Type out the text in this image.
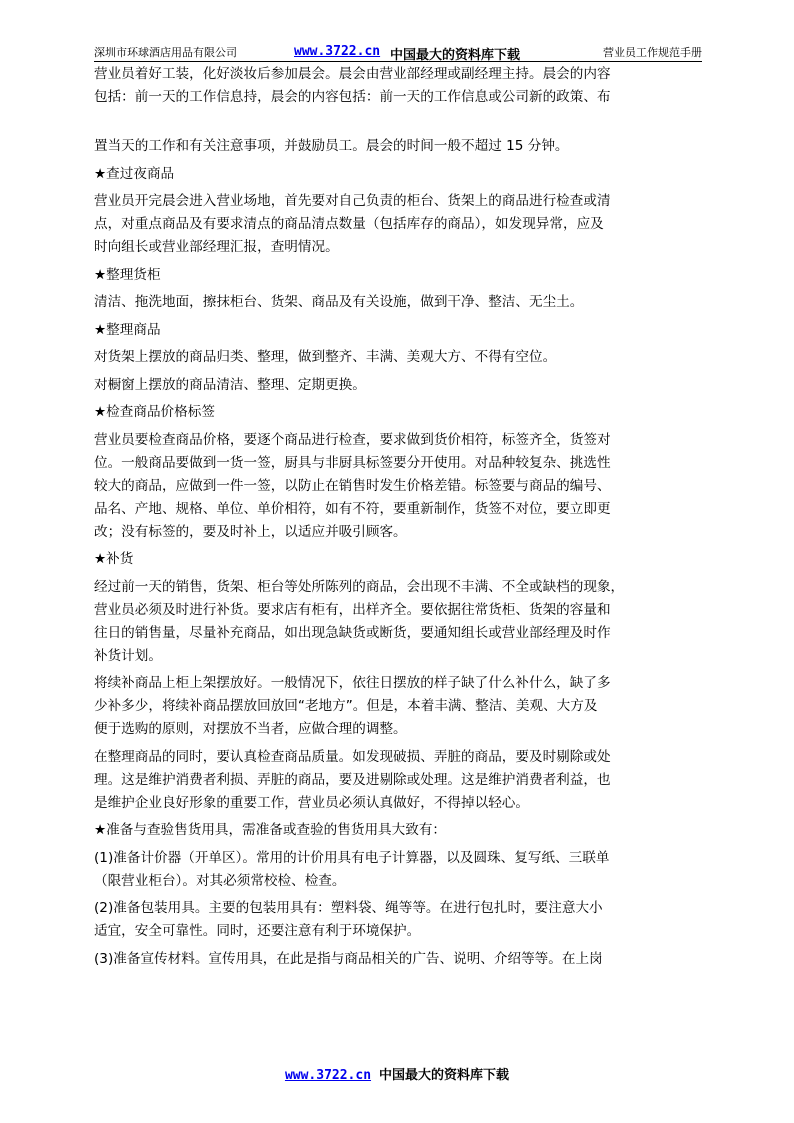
深圳市环球酒店用品有限公司	www.3722.cn 中国最大的资料库下载	营业员工作规范手册

营业员着好工装，化好淡妆后参加晨会。晨会由营业部经理或副经理主持。晨会的内容

包括：前一天的工作信息持，晨会的内容包括：前一天的工作信息或公司新的政策、布

置当天的工作和有关注意事项，并鼓励员工。晨会的时间一般不超过 15 分钟。

★查过夜商品

营业员开完晨会进入营业场地，首先要对自己负责的柜台、货架上的商品进行检查或清

点，对重点商品及有要求清点的商品清点数量（包括库存的商品），如发现异常，应及

时向组长或营业部经理汇报，查明情况。

★整理货柜

清洁、拖洗地面，擦抹柜台、货架、商品及有关设施，做到干净、整洁、无尘土。

★整理商品

对货架上摆放的商品归类、整理，做到整齐、丰满、美观大方、不得有空位。

对橱窗上摆放的商品清洁、整理、定期更换。

★检查商品价格标签

营业员要检查商品价格，要逐个商品进行检查，要求做到货价相符，标签齐全，货签对

位。一般商品要做到一货一签，厨具与非厨具标签要分开使用。对品种较复杂、挑选性

较大的商品，应做到一件一签，以防止在销售时发生价格差错。标签要与商品的编号、

品名、产地、规格、单位、单价相符，如有不符，要重新制作，货签不对位，要立即更

改；没有标签的，要及时补上，以适应并吸引顾客。

★补货

经过前一天的销售，货架、柜台等处所陈列的商品，会出现不丰满、不全或缺档的现象，

营业员必须及时进行补货。要求店有柜有，出样齐全。要依据往常货柜、货架的容量和

往日的销售量，尽量补充商品，如出现急缺货或断货，要通知组长或营业部经理及时作

补货计划。

将续补商品上柜上架摆放好。一般情况下，依往日摆放的样子缺了什么补什么，缺了多

少补多少，将续补商品摆放回放回“老地方”。但是，本着丰满、整洁、美观、大方及

便于选购的原则，对摆放不当者，应做合理的调整。

在整理商品的同时，要认真检查商品质量。如发现破损、弄脏的商品，要及时剔除或处

理。这是维护消费者利损、弄脏的商品，要及进剔除或处理。这是维护消费者利益，也

是维护企业良好形象的重要工作，营业员必须认真做好，不得掉以轻心。

★准备与查验售货用具，需准备或查验的售货用具大致有：

(1)准备计价器（开单区）。常用的计价用具有电子计算器，以及圆珠、复写纸、三联单

（限营业柜台）。对其必须常校检、检查。

(2)准备包装用具。主要的包装用具有：塑料袋、绳等等。在进行包扎时，要注意大小

适宜，安全可靠性。同时，还要注意有利于环境保护。

(3)准备宣传材料。宣传用具，在此是指与商品相关的广告、说明、介绍等等。在上岗

www.3722.cn 中国最大的资料库下载
